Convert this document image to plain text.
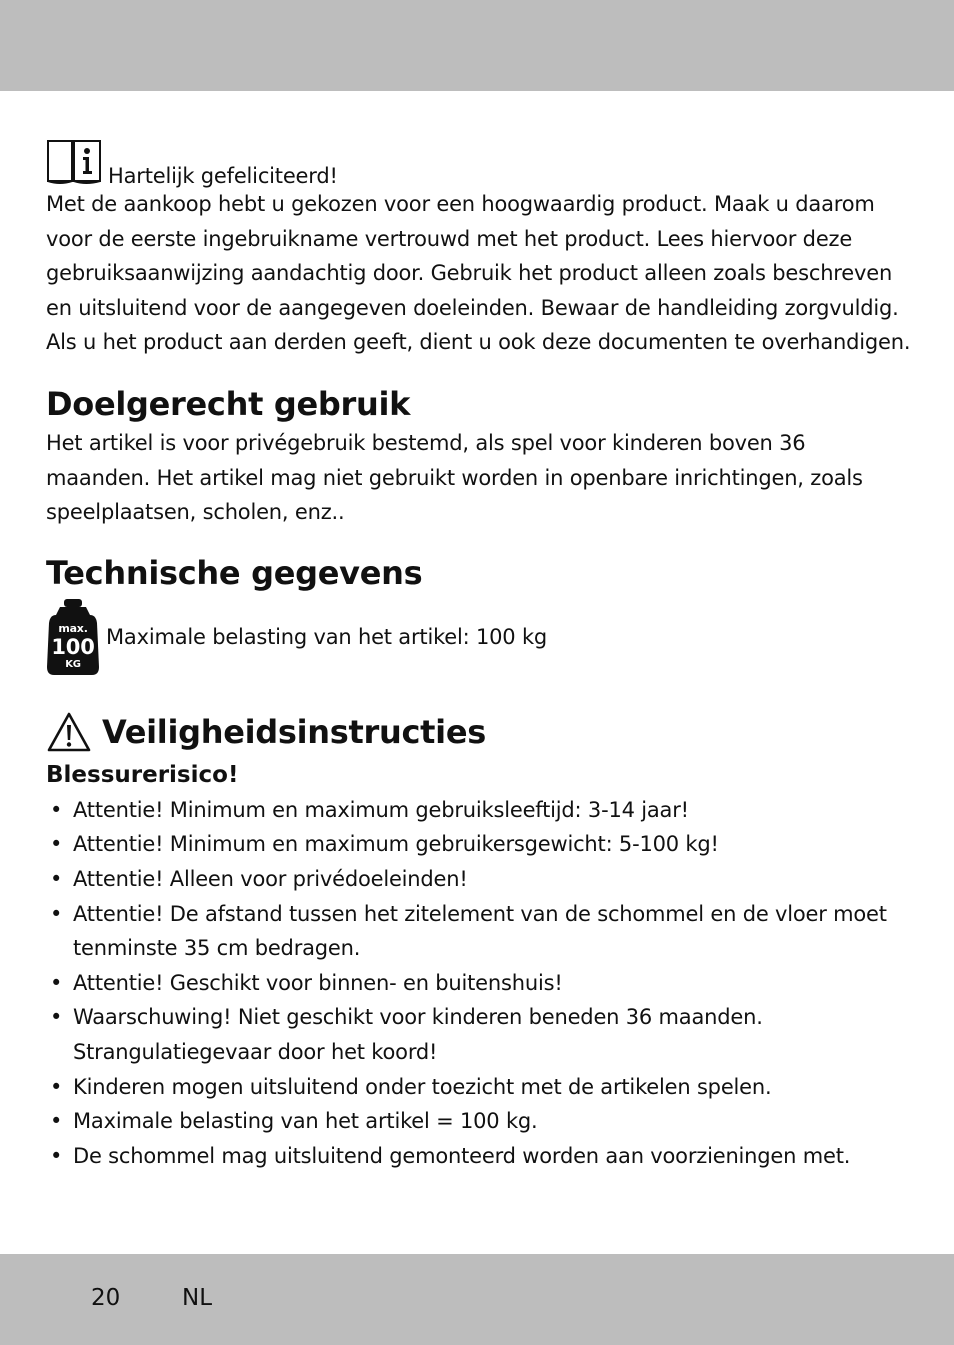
Hartelijk gefeliciteerd!
Met de aankoop hebt u gekozen voor een hoogwaardig product. Maak u daarom voor de eerste ingebruikname vertrouwd met het product. Lees hiervoor deze gebruiksaanwijzing aandachtig door. Gebruik het product alleen zoals beschreven en uitsluitend voor de aangegeven doeleinden. Bewaar de handleiding zorgvuldig. Als u het product aan derden geeft, dient u ook deze documenten te overhandigen.
Doelgerecht gebruik
Het artikel is voor privégebruik bestemd, als spel voor kinderen boven 36 maanden. Het artikel mag niet gebruikt worden in openbare inrichtingen, zoals speelplaatsen, scholen, enz..
Technische gegevens
max.
100
KG
Maximale belasting van het artikel: 100 kg
Veiligheidsinstructies
Blessurerisico!
• Attentie! Minimum en maximum gebruiksleeftijd: 3-14 jaar!
• Attentie! Minimum en maximum gebruikersgewicht: 5-100 kg!
• Attentie! Alleen voor privédoeleinden!
• Attentie! De afstand tussen het zitelement van de schommel en de vloer moet tenminste 35 cm bedragen.
• Attentie! Geschikt voor binnen- en buitenshuis!
• Waarschuwing! Niet geschikt voor kinderen beneden 36 maanden. Strangulatiegevaar door het koord!
• Kinderen mogen uitsluitend onder toezicht met de artikelen spelen.
• Maximale belasting van het artikel = 100 kg.
• De schommel mag uitsluitend gemonteerd worden aan voorzieningen met.
20	NL
